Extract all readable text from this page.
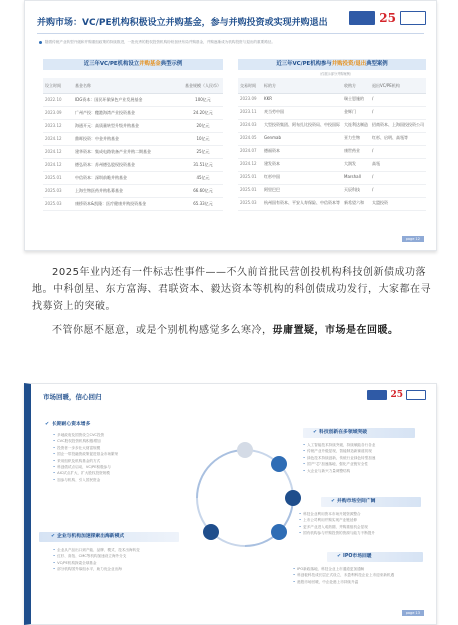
并购市场：VC/PE机构积极设立并购基金，参与并购投资或实现并购退出	25
随着传统产业转型升级和并购重组政策的持续推进，一批优秀的股权投资机构纷纷加快布局并购基金，并购逐渐成为机构投资与退出的重要路径。
近三年VC/PE机构设立并购基金典型示例	近三年VC/PE机构参与并购投资/退出典型案例
（仅展示部分并购案例）
设立时间	基金名称	基金规模（人民币）
2022.10	IDG资本：国民环保绿色产业发展基金	100亿元
2023.09	广州产投：穗港海湾产业投资基金	24.20亿元
2023.12	海通开元：高质量转型升级并购基金	20亿元
2024.12	鼎晖投资：中金并购基金	10亿元
2024.12	建华资本：集成电路装备产业并购二期基金	25亿元
2024.12	德弘资本：苏州德弘股权投资基金	31.51亿元
2025.01	中信资本：深圳前瞻并购基金	45亿元
2025.03	上海生物医药并购私募基金	66.60亿元
2025.03	康桥资本&凯隆：医疗健康并购投资基金	65.33亿元
交易时间	标的方	收购方	退出VC/PE机构
2023.09	KKR	瑞士恩施的	/
2023.11	麦当劳中国	金辉门	/
2024.03	大型投资集团、阿布扎比投资局、中投国际	大连利达制造	招商资本、上海国投投资公司
2024.05	Genmab	亚力生物	红杉、启明、高瓴等
2024.07	德福资本	康世药业	/
2024.12	建发资本	大润发	高瓴
2025.01	红杉中国	Marshall	/
2025.01	阿里巴巴	天辰科技	/
2025.03	杭州国有资本、平安人寿保险、中信资本等	新希望六和	太盟投资
page 12

2025年业内还有一件标志性事件——不久前首批民营创投机构科技创新债成功落地。中科创星、东方富海、君联资本、毅达资本等机构的科创债成功发行，大家都在寻找募资上的突破。

不管你愿不愿意，或是个别机构感觉多么寒冷，毋庸置疑，市场是在回暖。

市场回暖，信心回归	25
✔ 长期耐心资本增多
• 多地政府及国资设立CVC投资
• CVC股权投资机构积极增加
• 投资者一步步壮大财富规模
• 国企一带投融资政策促进基金市场繁荣
• 采用组织及机构基金的方式
• 科创债试点启动，VC/PE积极参与
• AIC试点扩大，扩大股权投资规模
• 加参与机构、引入国民资金
✔ 企业与机构加速探索出海新模式
• 企业从产品出口到产能、品牌、模式、技术出海转变
• 红杉、高瓴、CMC等机构加速设立海外分支
• VC/PE机构探索全球基金
• 部分机构国外募组水平，助力优企业出海
✔ 科技创新在多领域突破
• 人工智能技术持续突破，持续赋能各行各业
• 传统产业升级显现，智能制造新赛道初现
• 绿色技术持续创新，传统行业绿色转型加速
• 国产"芯"加速落地，强化产业链安全性
• 大企业与新兴力量调整结构
✔ 并购市场空间广阔
• 科技企业利用资本市场开展资源整合
• 上市公司利用并购实现产业链延伸
• 更多产业进入成熟期，并购重组机会显现
• 国有机构参与并购投资的资源与能力不断提升
✔ IPO市场回暖
• IPO新政落地，科技企业上市通道更加通畅
• 科创板科技成长层正式设立，未盈利科技企业上市迎来新机遇
• 港股市场回暖，中企赴港上市持续升温
page 13
